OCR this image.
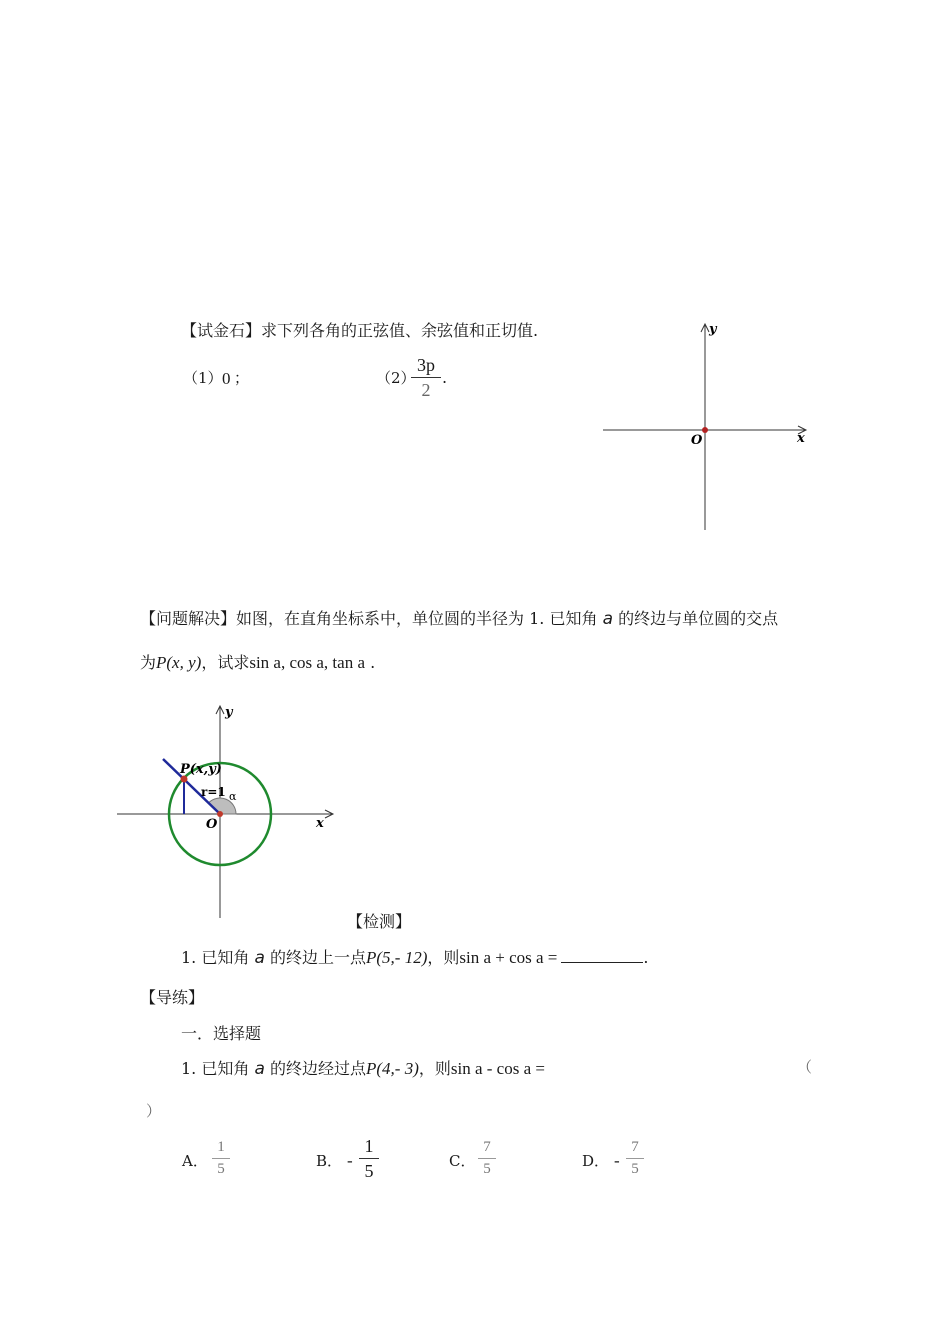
【试金石】求下列各角的正弦值、余弦值和正切值.
（1） 0 ；	（2）
3p
2
.
O	x
y
【问题解决】如图，在直角坐标系中，单位圆的半径为 1. 已知角 a 的终边与单位圆的交点
为P(x, y)，试求sin a, cos a, tan a .
P(x,y)
r=1 α
O	x
y
【检测】
1. 已知角 a 的终边上一点P(5,- 12)，则sin a + cos a =	.
【导练】
一．选择题
1. 已知角 a 的终边经过点P(4,- 3)，则sin a - cos a =	（
）
A．
1
5	B． -
1
5	C．
7
5	D． -
7
5
